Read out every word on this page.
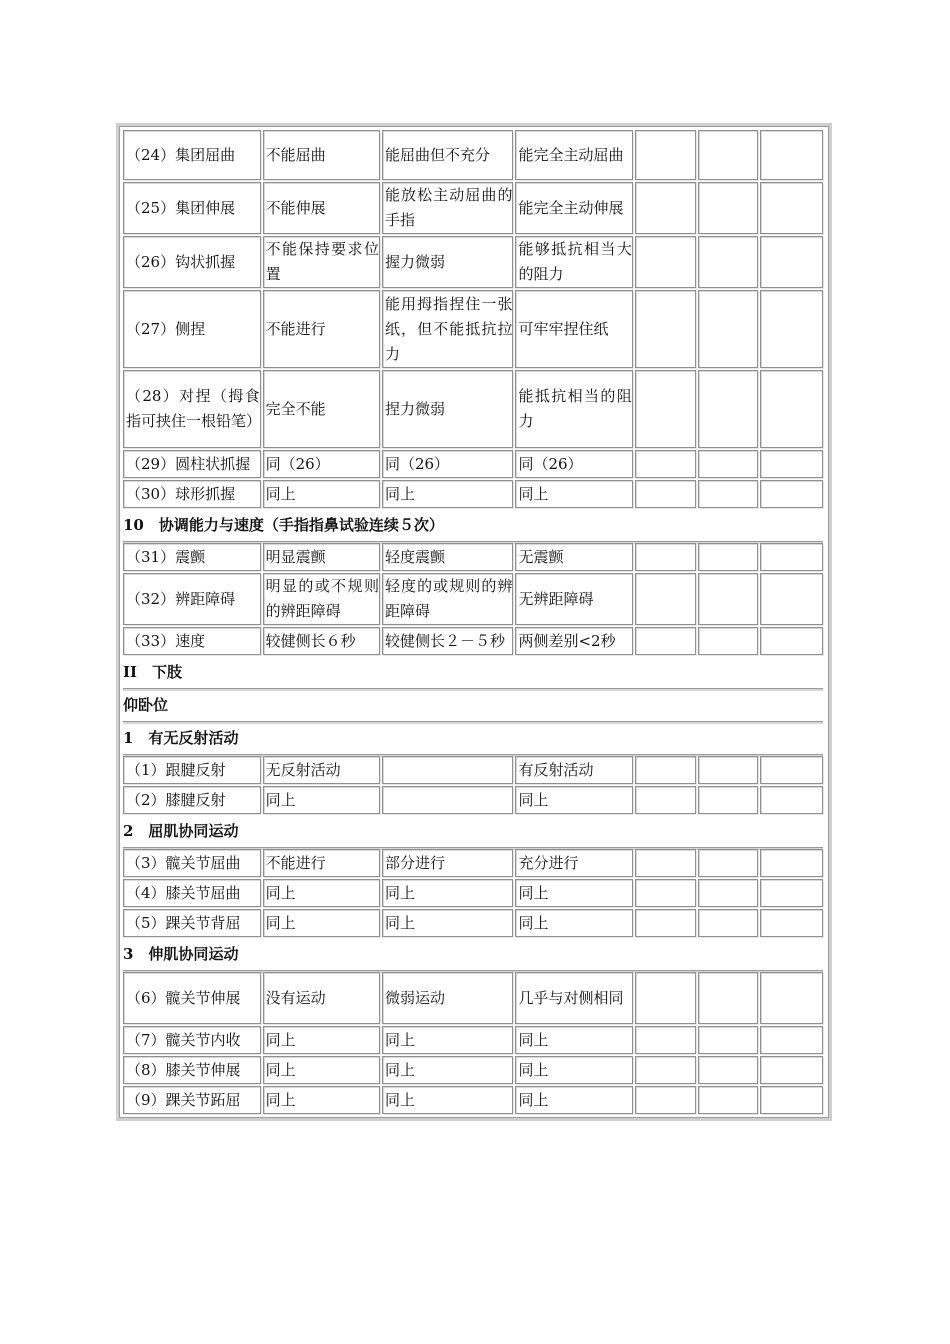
（24）集团屈曲	不能屈曲	能屈曲但不充分	能完全主动屈曲			
（25）集团伸展	不能伸展	能放松主动屈曲的手指	能完全主动伸展			
（26）钩状抓握	不能保持要求位置	握力微弱	能够抵抗相当大的阻力			
（27）侧捏	不能进行	能用拇指捏住一张纸，但不能抵抗拉力	可牢牢捏住纸			
（28）对捏（拇食指可挟住一根铅笔）	完全不能	捏力微弱	能抵抗相当的阻力			
（29）圆柱状抓握	同（26）	同（26）	同（26）			
（30）球形抓握	同上	同上	同上			
10　协调能力与速度（手指指鼻试验连续５次）						
（31）震颤	明显震颤	轻度震颤	无震颤			
（32）辨距障碍	明显的或不规则的辨距障碍	轻度的或规则的辨距障碍	无辨距障碍			
（33）速度	较健侧长６秒	较健侧长２－５秒	两侧差别<2秒			
II　下肢						
仰卧位						
1　有无反射活动						
（1）跟腱反射	无反射活动		有反射活动			
（2）膝腱反射	同上		同上			
2　屈肌协同运动						
（3）髋关节屈曲	不能进行	部分进行	充分进行			
（4）膝关节屈曲	同上	同上	同上			
（5）踝关节背屈	同上	同上	同上			
3　伸肌协同运动						
（6）髋关节伸展	没有运动	微弱运动	几乎与对侧相同			
（7）髋关节内收	同上	同上	同上			
（8）膝关节伸展	同上	同上	同上			
（9）踝关节跖屈	同上	同上	同上			
